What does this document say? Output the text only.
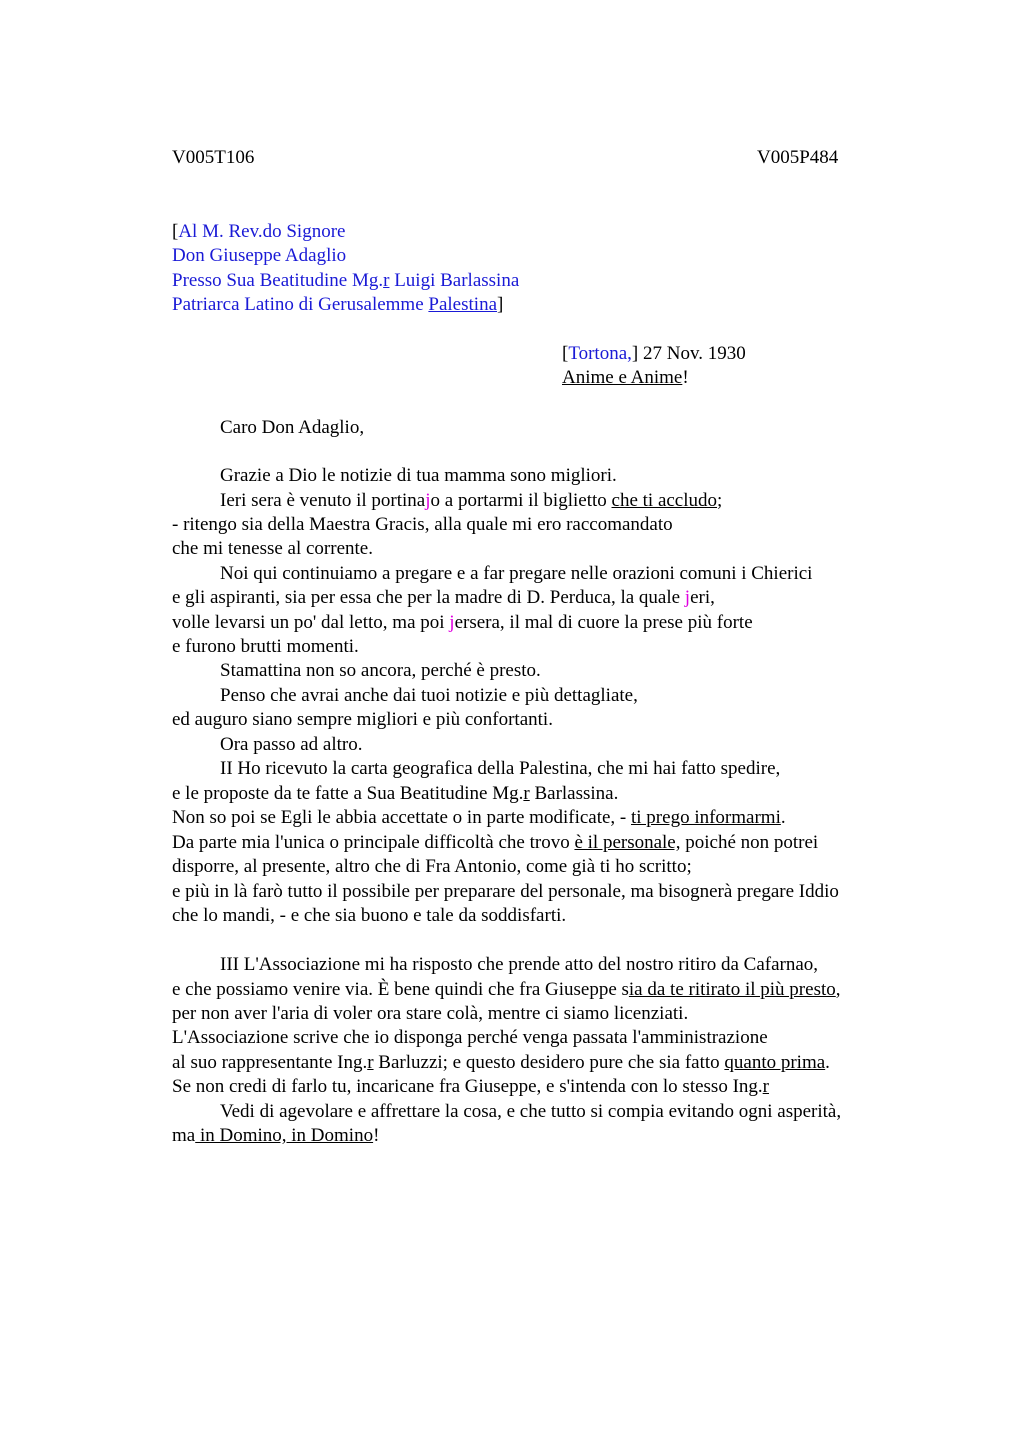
V005T106	V005P484
[Al M. Rev.do Signore
Don Giuseppe Adaglio
Presso Sua Beatitudine Mg.r Luigi Barlassina
Patriarca Latino di Gerusalemme Palestina]
[Tortona,] 27 Nov. 1930
Anime e Anime!
Caro Don Adaglio,
Grazie a Dio le notizie di tua mamma sono migliori.
Ieri sera è venuto il portinajo a portarmi il biglietto che ti accludo;
- ritengo sia della Maestra Gracis, alla quale mi ero raccomandato
che mi tenesse al corrente.
Noi qui continuiamo a pregare e a far pregare nelle orazioni comuni i Chierici
e gli aspiranti, sia per essa che per la madre di D. Perduca, la quale jeri,
volle levarsi un po' dal letto, ma poi jersera, il mal di cuore la prese più forte
e furono brutti momenti.
Stamattina non so ancora, perché è presto.
Penso che avrai anche dai tuoi notizie e più dettagliate,
ed auguro siano sempre migliori e più confortanti.
Ora passo ad altro.
II Ho ricevuto la carta geografica della Palestina, che mi hai fatto spedire,
e le proposte da te fatte a Sua Beatitudine Mg.r Barlassina.
Non so poi se Egli le abbia accettate o in parte modificate, - ti prego informarmi.
Da parte mia l'unica o principale difficoltà che trovo è il personale, poiché non potrei
disporre, al presente, altro che di Fra Antonio, come già ti ho scritto;
e più in là farò tutto il possibile per preparare del personale, ma bisognerà pregare Iddio
che lo mandi, - e che sia buono e tale da soddisfarti.
III L'Associazione mi ha risposto che prende atto del nostro ritiro da Cafarnao,
e che possiamo venire via. È bene quindi che fra Giuseppe sia da te ritirato il più presto,
per non aver l'aria di voler ora stare colà, mentre ci siamo licenziati.
L'Associazione scrive che io disponga perché venga passata l'amministrazione
al suo rappresentante Ing.r Barluzzi; e questo desidero pure che sia fatto quanto prima.
Se non credi di farlo tu, incaricane fra Giuseppe, e s'intenda con lo stesso Ing.r
Vedi di agevolare e affrettare la cosa, e che tutto si compia evitando ogni asperità,
ma in Domino, in Domino!
